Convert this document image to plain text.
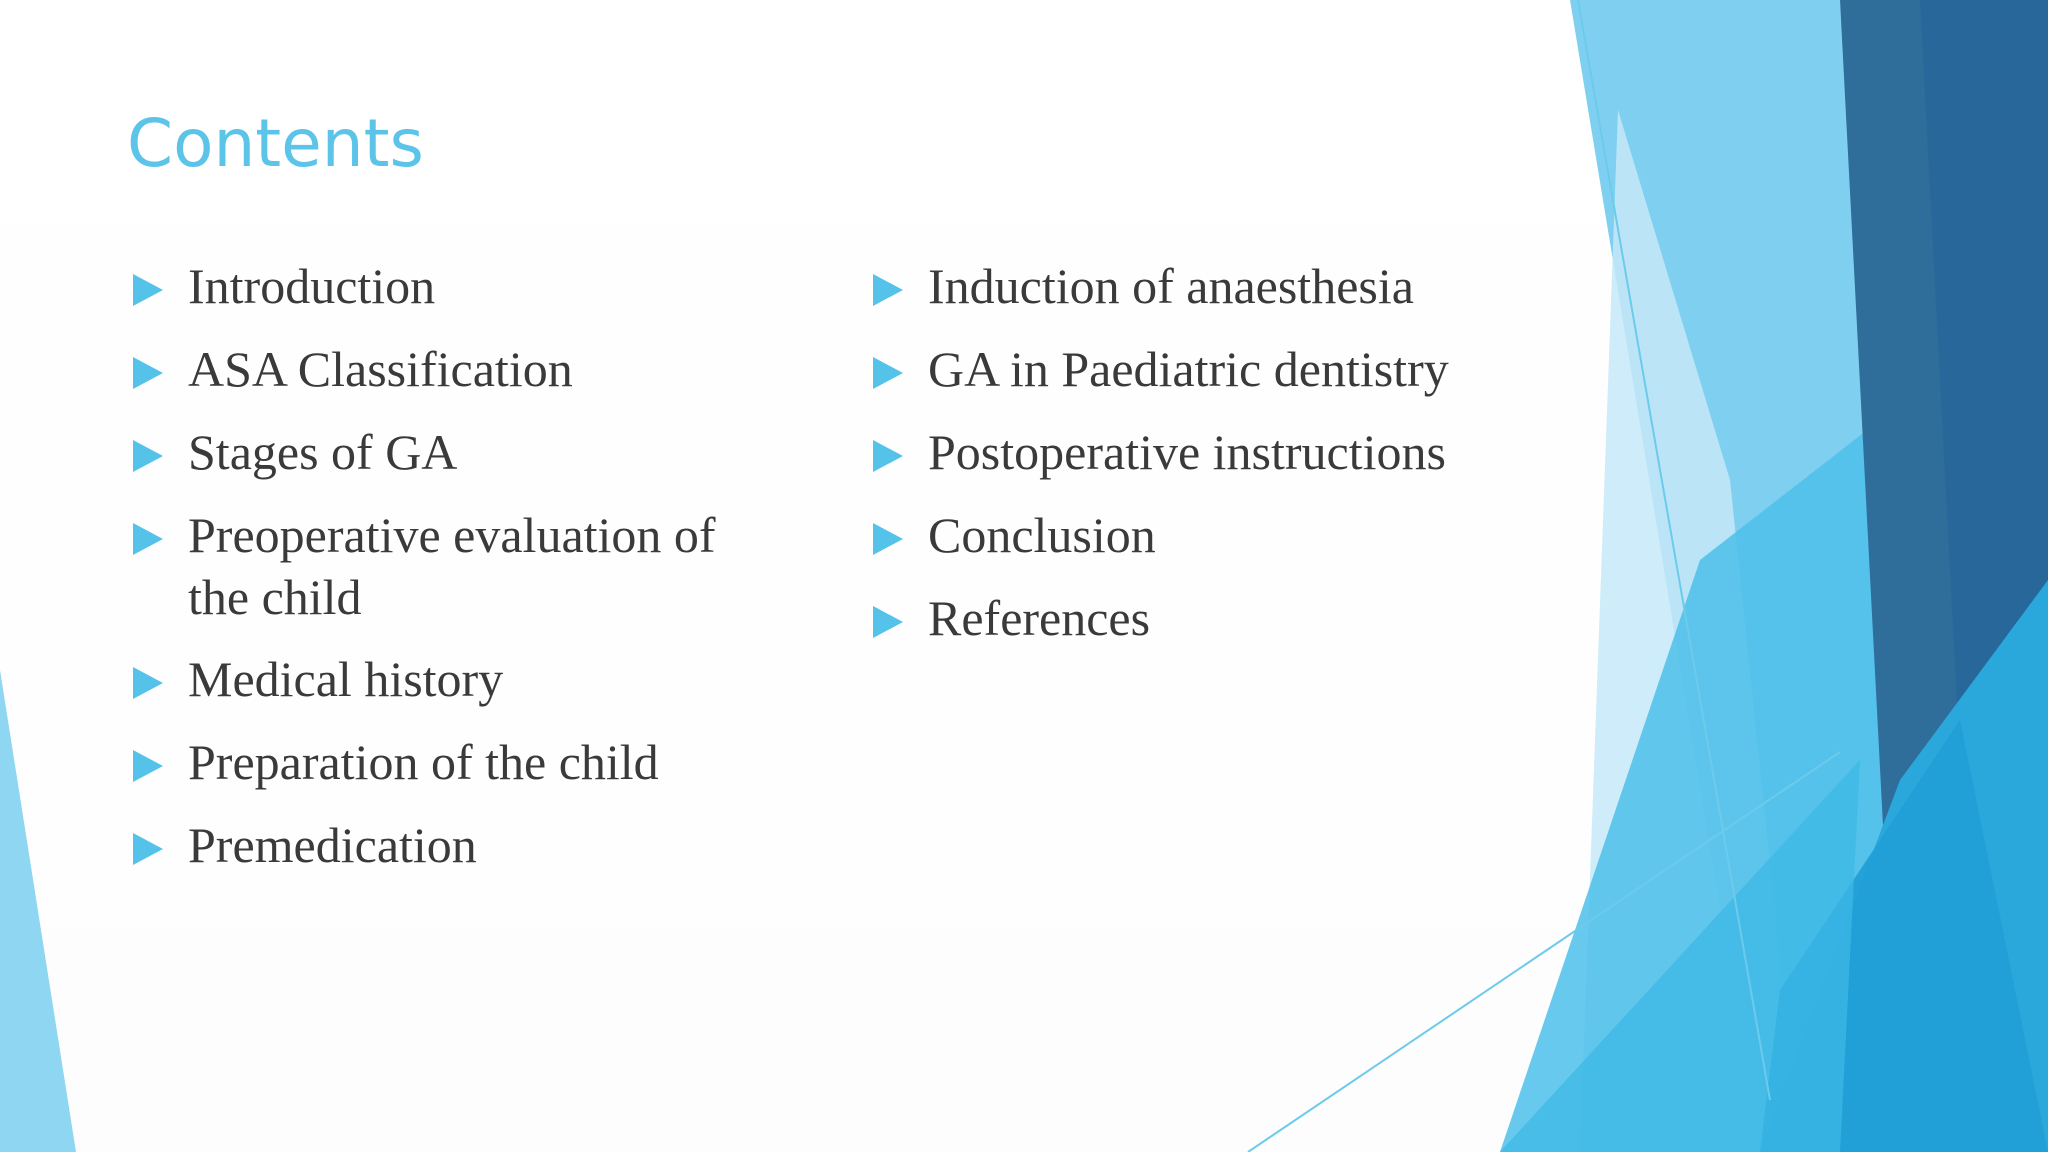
Contents
Introduction
ASA Classification
Stages of GA
Preoperative evaluation of the child
Medical history
Preparation of the child
Premedication
Induction of anaesthesia
GA in Paediatric dentistry
Postoperative instructions
Conclusion
References
